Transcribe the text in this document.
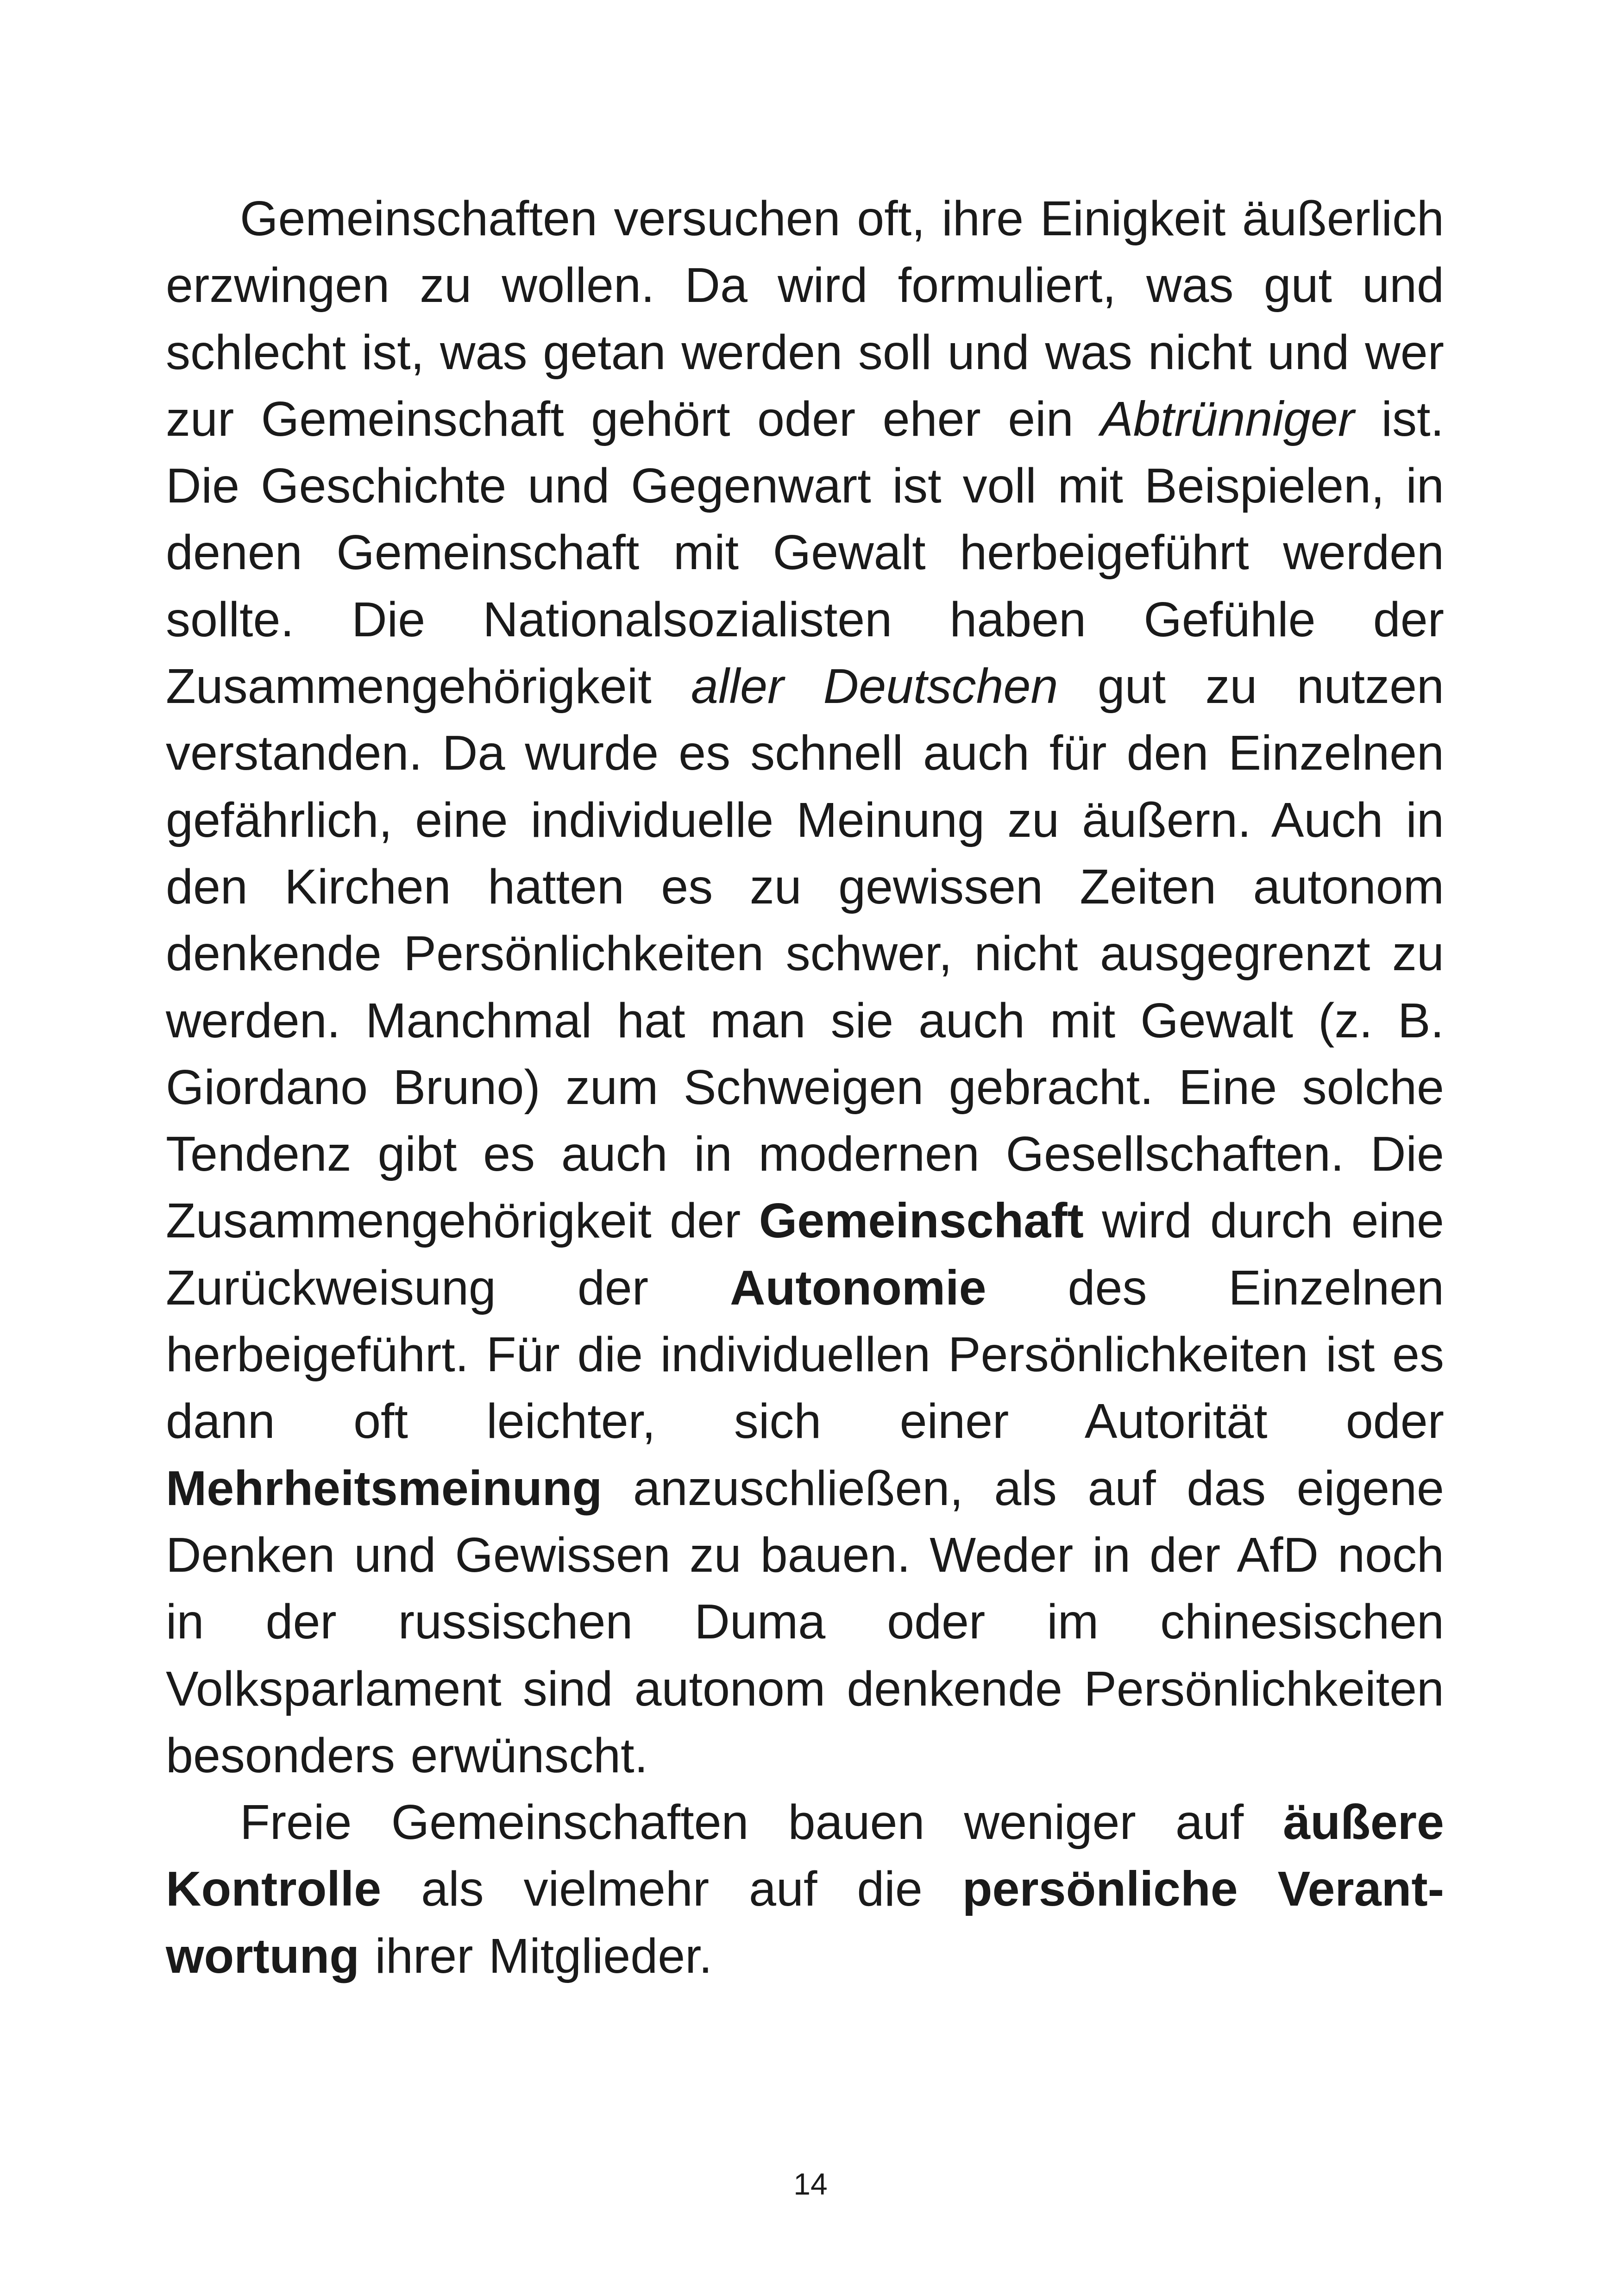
Gemeinschaften versuchen oft, ihre Einigkeit äußerlich erzwingen zu wollen. Da wird formuliert, was gut und schlecht ist, was getan werden soll und was nicht und wer zur Gemeinschaft gehört oder eher ein Abtrünniger ist. Die Geschichte und Gegenwart ist voll mit Beispielen, in denen Gemeinschaft mit Gewalt herbeigeführt werden sollte. Die Nationalsozialisten haben Gefühle der Zusammengehörigkeit aller Deutschen gut zu nutzen verstanden. Da wurde es schnell auch für den Einzelnen gefährlich, eine individuelle Meinung zu äußern. Auch in den Kirchen hatten es zu gewissen Zeiten autonom denkende Persönlichkeiten schwer, nicht ausgegrenzt zu werden. Manchmal hat man sie auch mit Gewalt (z. B. Giordano Bruno) zum Schweigen gebracht. Eine solche Tendenz gibt es auch in modernen Gesellschaften. Die Zusammengehörigkeit der Gemeinschaft wird durch eine Zurückweisung der Autonomie des Einzelnen herbeigeführt. Für die individuellen Persönlichkeiten ist es dann oft leichter, sich einer Autorität oder Mehrheitsmeinung anzuschließen, als auf das eigene Denken und Gewissen zu bauen. Weder in der AfD noch in der russischen Duma oder im chinesischen Volksparlament sind autonom denkende Persönlichkeiten besonders erwünscht.

Freie Gemeinschaften bauen weniger auf äußere Kontrolle als vielmehr auf die persönliche Verantwortung ihrer Mitglieder.

14
